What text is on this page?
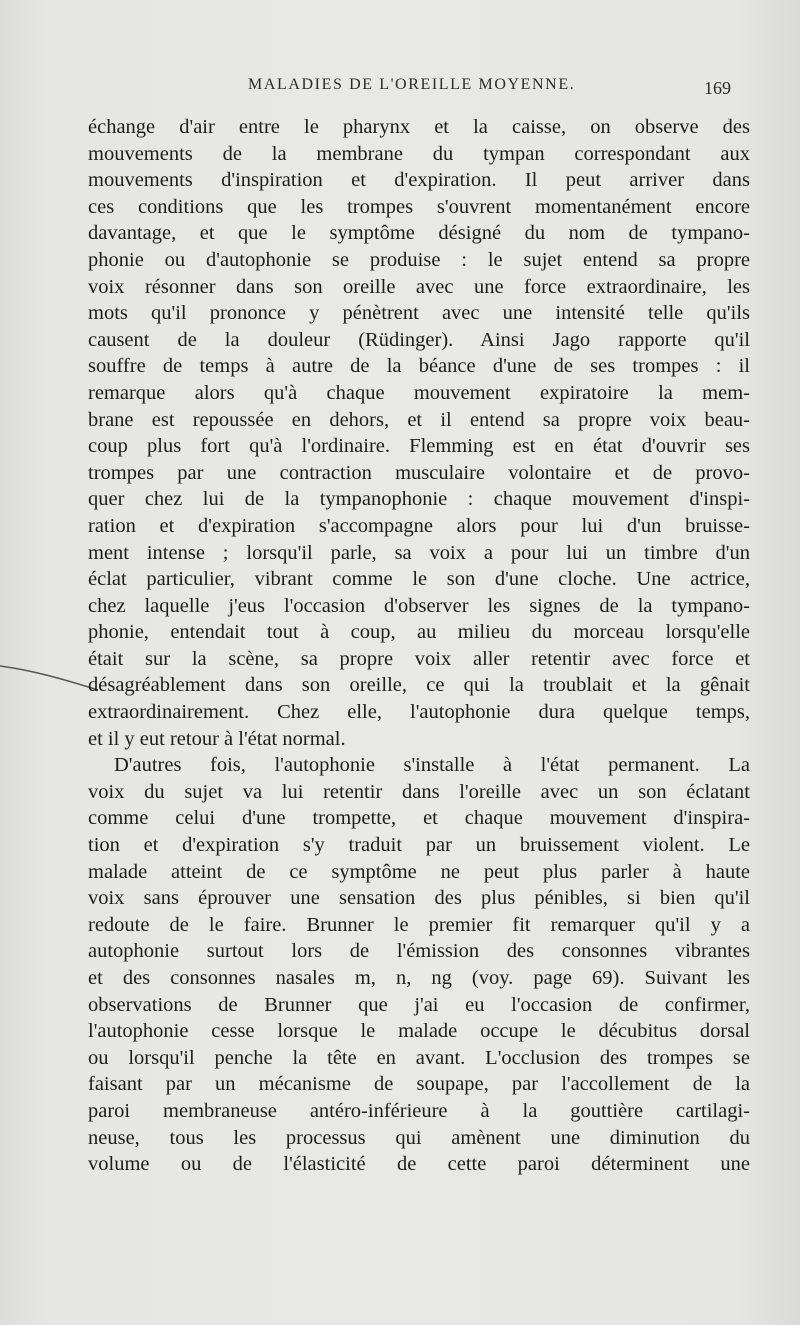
MALADIES DE L'OREILLE MOYENNE.	169
échange d'air entre le pharynx et la caisse, on observe des
mouvements de la membrane du tympan correspondant aux
mouvements d'inspiration et d'expiration. Il peut arriver dans
ces conditions que les trompes s'ouvrent momentanément encore
davantage, et que le symptôme désigné du nom de tympano-
phonie ou d'autophonie se produise : le sujet entend sa propre
voix résonner dans son oreille avec une force extraordinaire, les
mots qu'il prononce y pénètrent avec une intensité telle qu'ils
causent de la douleur (Rüdinger). Ainsi Jago rapporte qu'il
souffre de temps à autre de la béance d'une de ses trompes : il
remarque alors qu'à chaque mouvement expiratoire la mem-
brane est repoussée en dehors, et il entend sa propre voix beau-
coup plus fort qu'à l'ordinaire. Flemming est en état d'ouvrir ses
trompes par une contraction musculaire volontaire et de provo-
quer chez lui de la tympanophonie : chaque mouvement d'inspi-
ration et d'expiration s'accompagne alors pour lui d'un bruisse-
ment intense ; lorsqu'il parle, sa voix a pour lui un timbre d'un
éclat particulier, vibrant comme le son d'une cloche. Une actrice,
chez laquelle j'eus l'occasion d'observer les signes de la tympano-
phonie, entendait tout à coup, au milieu du morceau lorsqu'elle
était sur la scène, sa propre voix aller retentir avec force et
désagréablement dans son oreille, ce qui la troublait et la gênait
extraordinairement. Chez elle, l'autophonie dura quelque temps,
et il y eut retour à l'état normal.
D'autres fois, l'autophonie s'installe à l'état permanent. La
voix du sujet va lui retentir dans l'oreille avec un son éclatant
comme celui d'une trompette, et chaque mouvement d'inspira-
tion et d'expiration s'y traduit par un bruissement violent. Le
malade atteint de ce symptôme ne peut plus parler à haute
voix sans éprouver une sensation des plus pénibles, si bien qu'il
redoute de le faire. Brunner le premier fit remarquer qu'il y a
autophonie surtout lors de l'émission des consonnes vibrantes
et des consonnes nasales m, n, ng (voy. page 69). Suivant les
observations de Brunner que j'ai eu l'occasion de confirmer,
l'autophonie cesse lorsque le malade occupe le décubitus dorsal
ou lorsqu'il penche la tête en avant. L'occlusion des trompes se
faisant par un mécanisme de soupape, par l'accollement de la
paroi membraneuse antéro-inférieure à la gouttière cartilagi-
neuse, tous les processus qui amènent une diminution du
volume ou de l'élasticité de cette paroi déterminent une
